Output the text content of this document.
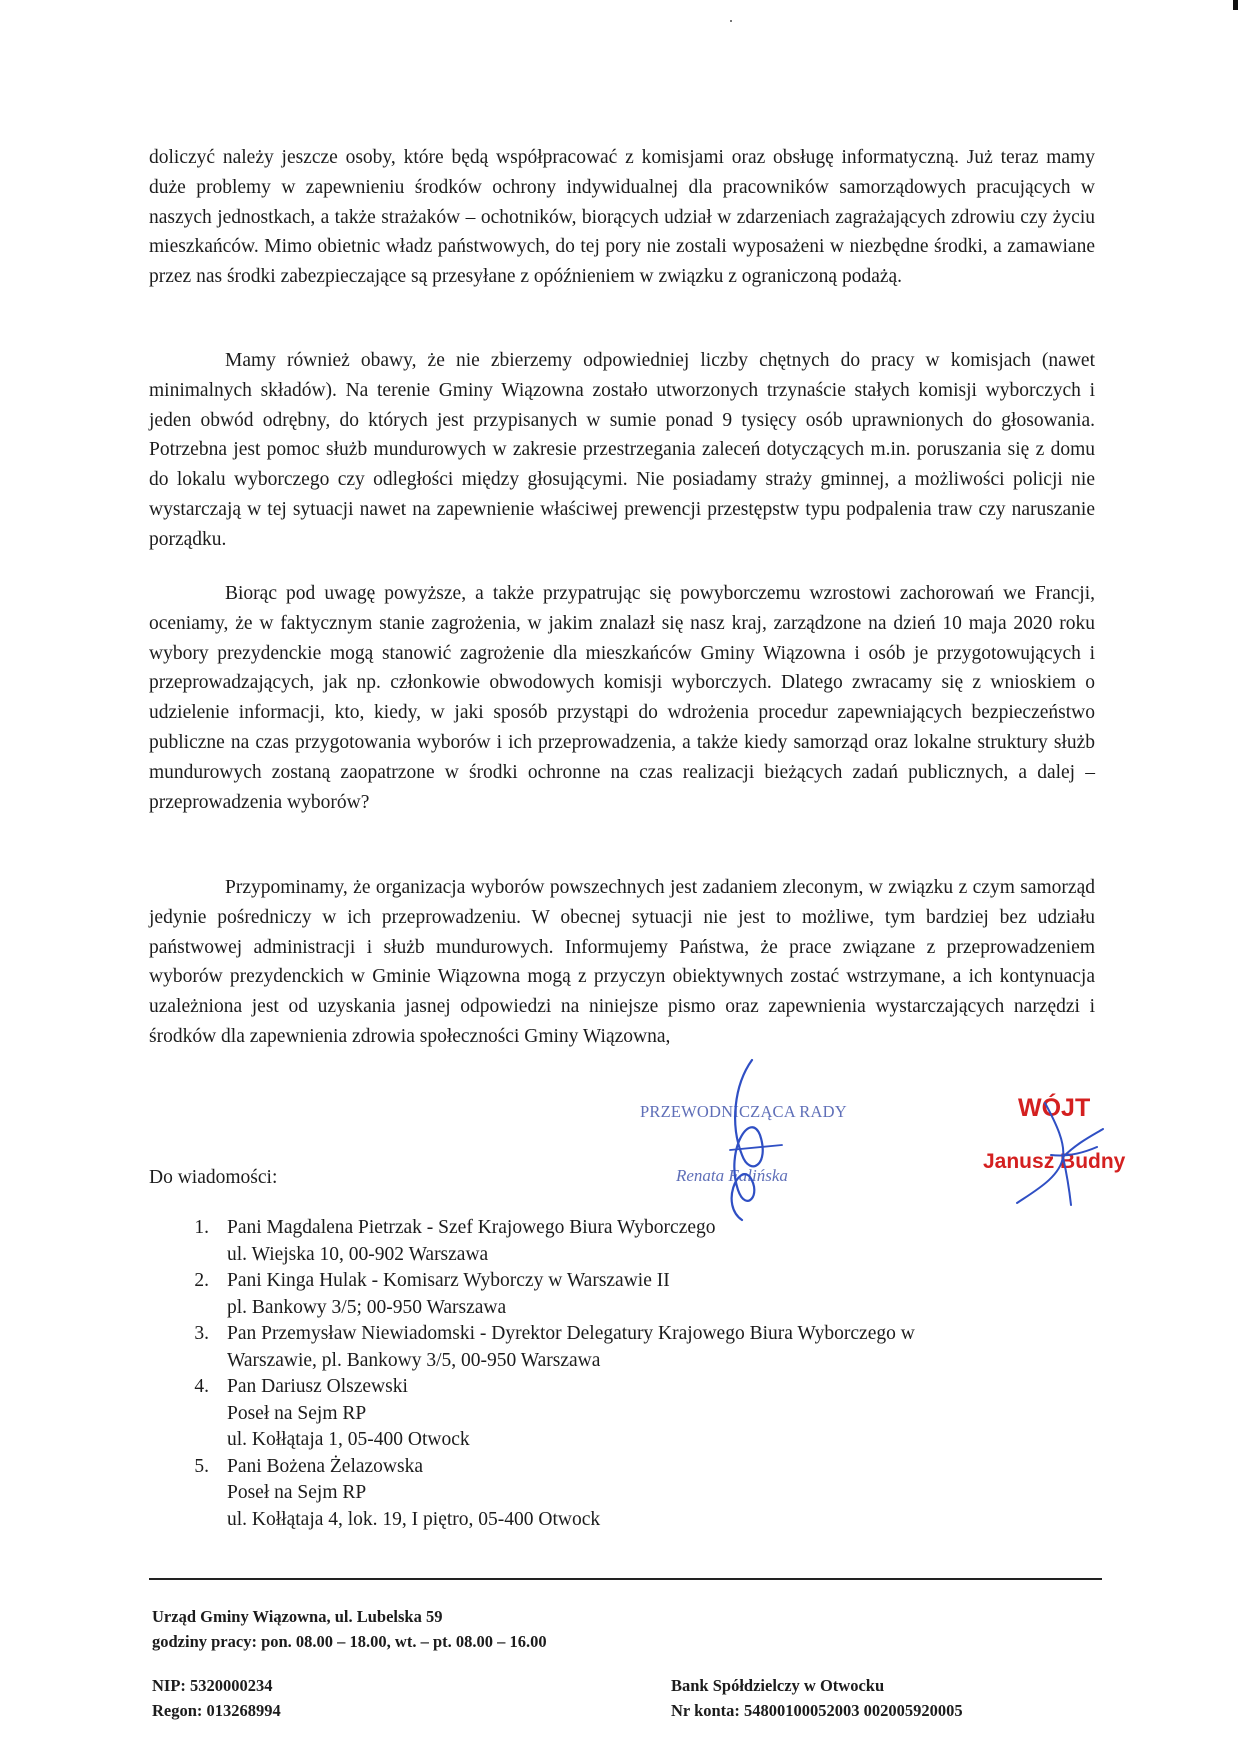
doliczyć należy jeszcze osoby, które będą współpracować z komisjami oraz obsługę informatyczną. Już teraz mamy duże problemy w zapewnieniu środków ochrony indywidualnej dla pracowników samorządowych pracujących w naszych jednostkach, a także strażaków – ochotników, biorących udział w zdarzeniach zagrażających zdrowiu czy życiu mieszkańców. Mimo obietnic władz państwowych, do tej pory nie zostali wyposażeni w niezbędne środki, a zamawiane przez nas środki zabezpieczające są przesyłane z opóźnieniem w związku z ograniczoną podażą.

Mamy również obawy, że nie zbierzemy odpowiedniej liczby chętnych do pracy w komisjach (nawet minimalnych składów). Na terenie Gminy Wiązowna zostało utworzonych trzynaście stałych komisji wyborczych i jeden obwód odrębny, do których jest przypisanych w sumie ponad 9 tysięcy osób uprawnionych do głosowania. Potrzebna jest pomoc służb mundurowych w zakresie przestrzegania zaleceń dotyczących m.in. poruszania się z domu do lokalu wyborczego czy odległości między głosującymi. Nie posiadamy straży gminnej, a możliwości policji nie wystarczają w tej sytuacji nawet na zapewnienie właściwej prewencji przestępstw typu podpalenia traw czy naruszanie porządku.

Biorąc pod uwagę powyższe, a także przypatrując się powyborczemu wzrostowi zachorowań we Francji, oceniamy, że w faktycznym stanie zagrożenia, w jakim znalazł się nasz kraj, zarządzone na dzień 10 maja 2020 roku wybory prezydenckie mogą stanowić zagrożenie dla mieszkańców Gminy Wiązowna i osób je przygotowujących i przeprowadzających, jak np. członkowie obwodowych komisji wyborczych. Dlatego zwracamy się z wnioskiem o udzielenie informacji, kto, kiedy, w jaki sposób przystąpi do wdrożenia procedur zapewniających bezpieczeństwo publiczne na czas przygotowania wyborów i ich przeprowadzenia, a także kiedy samorząd oraz lokalne struktury służb mundurowych zostaną zaopatrzone w środki ochronne na czas realizacji bieżących zadań publicznych, a dalej – przeprowadzenia wyborów?

Przypominamy, że organizacja wyborów powszechnych jest zadaniem zleconym, w związku z czym samorząd jedynie pośredniczy w ich przeprowadzeniu. W obecnej sytuacji nie jest to możliwe, tym bardziej bez udziału państwowej administracji i służb mundurowych. Informujemy Państwa, że prace związane z przeprowadzeniem wyborów prezydenckich w Gminie Wiązowna mogą z przyczyn obiektywnych zostać wstrzymane, a ich kontynuacja uzależniona jest od uzyskania jasnej odpowiedzi na niniejsze pismo oraz zapewnienia wystarczających narzędzi i środków dla zapewnienia zdrowia społeczności Gminy Wiązowna,

PRZEWODNICZĄCA RADY
Renata Falińska
WÓJT
Janusz Budny
Do wiadomości:
1. Pani Magdalena Pietrzak - Szef Krajowego Biura Wyborczego
ul. Wiejska 10, 00-902 Warszawa
2. Pani Kinga Hulak - Komisarz Wyborczy w Warszawie II
pl. Bankowy 3/5; 00-950 Warszawa
3. Pan Przemysław Niewiadomski - Dyrektor Delegatury Krajowego Biura Wyborczego w
Warszawie, pl. Bankowy 3/5, 00-950 Warszawa
4. Pan Dariusz Olszewski
Poseł na Sejm RP
ul. Kołłątaja 1, 05-400 Otwock
5. Pani Bożena Żelazowska
Poseł na Sejm RP
ul. Kołłątaja 4, lok. 19, I piętro, 05-400 Otwock
Urząd Gminy Wiązowna, ul. Lubelska 59
godziny pracy: pon. 08.00 – 18.00, wt. – pt. 08.00 – 16.00
NIP: 5320000234
Regon: 013268994
Bank Spółdzielczy w Otwocku
Nr konta: 54800100052003 002005920005
